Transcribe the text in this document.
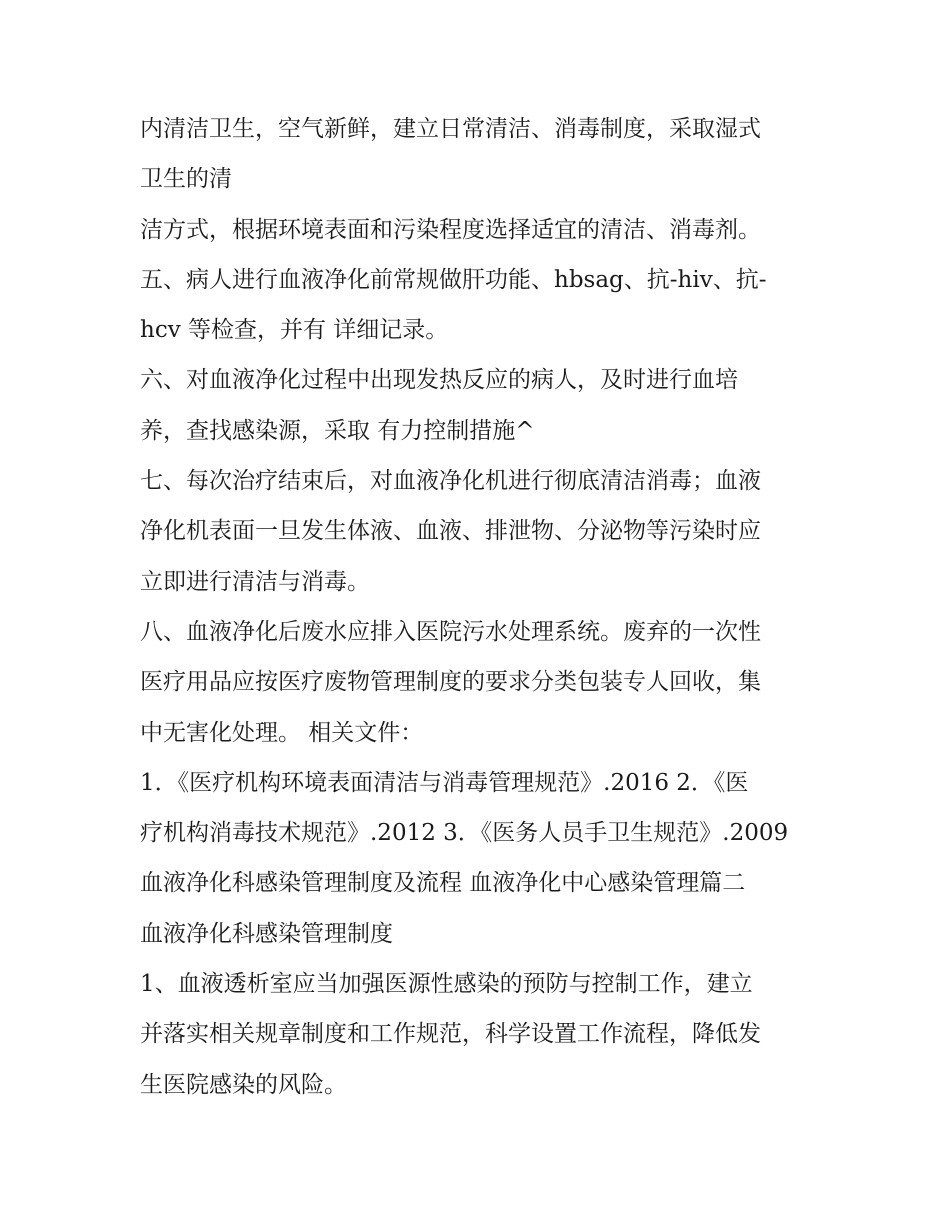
内清洁卫生，空气新鲜，建立日常清洁、消毒制度，采取湿式
卫生的清
洁方式，根据环境表面和污染程度选择适宜的清洁、消毒剂。
五、病人进行血液净化前常规做肝功能、hbsag、抗-hiv、抗-
hcv 等检查，并有 详细记录。
六、对血液净化过程中出现发热反应的病人，及时进行血培
养，查找感染源，采取 有力控制措施^
七、每次治疗结束后，对血液净化机进行彻底清洁消毒；血液
净化机表面一旦发生体液、血液、排泄物、分泌物等污染时应
立即进行清洁与消毒。
八、血液净化后废水应排入医院污水处理系统。废弃的一次性
医疗用品应按医疗废物管理制度的要求分类包装专人回收，集
中无害化处理。 相关文件：
1．《医疗机构环境表面清洁与消毒管理规范》.2016 2．《医
疗机构消毒技术规范》.2012 3．《医务人员手卫生规范》.2009
血液净化科感染管理制度及流程 血液净化中心感染管理篇二
血液净化科感染管理制度
1、血液透析室应当加强医源性感染的预防与控制工作，建立
并落实相关规章制度和工作规范，科学设置工作流程，降低发
生医院感染的风险。
